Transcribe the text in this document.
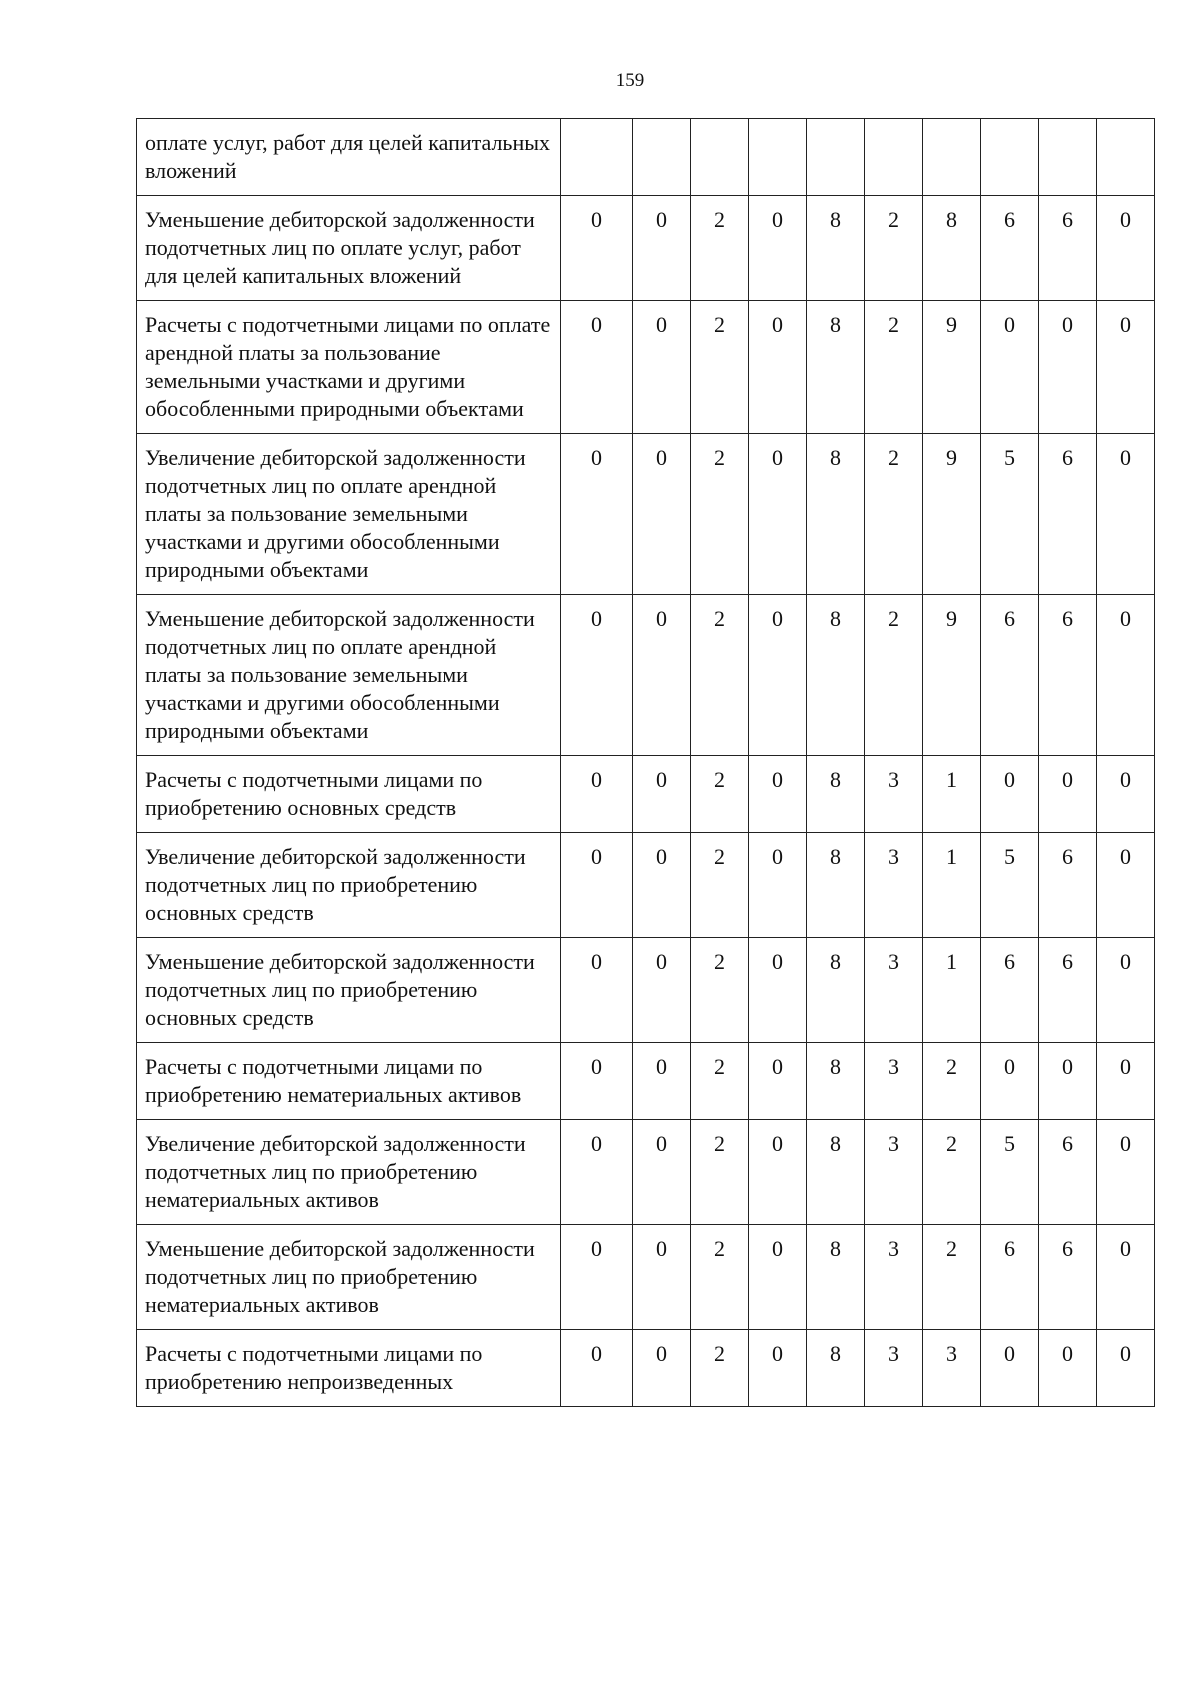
159
оплате услуг, работ для целей капитальных вложений										
Уменьшение дебиторской задолженности подотчетных лиц по оплате услуг, работ для целей капитальных вложений	0	0	2	0	8	2	8	6	6	0
Расчеты с подотчетными лицами по оплате арендной платы за пользование земельными участками и другими обособленными природными объектами	0	0	2	0	8	2	9	0	0	0
Увеличение дебиторской задолженности подотчетных лиц по оплате арендной платы за пользование земельными участками и другими обособленными природными объектами	0	0	2	0	8	2	9	5	6	0
Уменьшение дебиторской задолженности подотчетных лиц по оплате арендной платы за пользование земельными участками и другими обособленными природными объектами	0	0	2	0	8	2	9	6	6	0
Расчеты с подотчетными лицами по приобретению основных средств	0	0	2	0	8	3	1	0	0	0
Увеличение дебиторской задолженности подотчетных лиц по приобретению основных средств	0	0	2	0	8	3	1	5	6	0
Уменьшение дебиторской задолженности подотчетных лиц по приобретению основных средств	0	0	2	0	8	3	1	6	6	0
Расчеты с подотчетными лицами по приобретению нематериальных активов	0	0	2	0	8	3	2	0	0	0
Увеличение дебиторской задолженности подотчетных лиц по приобретению нематериальных активов	0	0	2	0	8	3	2	5	6	0
Уменьшение дебиторской задолженности подотчетных лиц по приобретению нематериальных активов	0	0	2	0	8	3	2	6	6	0
Расчеты с подотчетными лицами по приобретению непроизведенных	0	0	2	0	8	3	3	0	0	0
